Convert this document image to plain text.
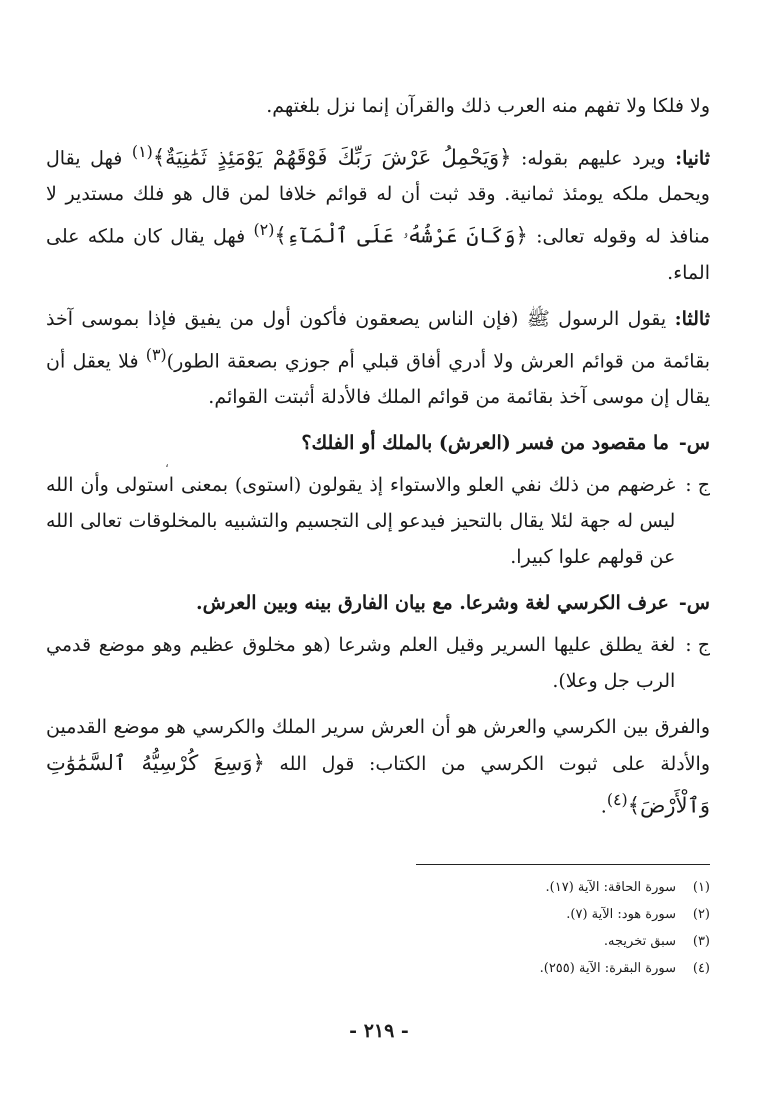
ولا فلكا ولا تفهم منه العرب ذلك والقرآن إنما نزل بلغتهم.

ثانيا: ويرد عليهم بقوله: ﴿وَيَحْمِلُ عَرْشَ رَبِّكَ فَوْقَهُمْ يَوْمَئِذٍ ثَمَٰنِيَةٌ﴾$^{(١)}$ فهل يقال ويحمل ملكه يومئذ ثمانية. وقد ثبت أن له قوائم خلافا لمن قال هو فلك مستدير لا منافذ له وقوله تعالى: ﴿وَكَانَ عَرْشُهُۥ عَلَى ٱلْمَآءِ﴾$^{(٢)}$ فهل يقال كان ملكه على الماء.

ثالثا: يقول الرسول ﷺ (فإن الناس يصعقون فأكون أول من يفيق فإذا بموسى آخذ بقائمة من قوائم العرش ولا أدري أفاق قبلي أم جوزي بصعقة الطور)$^{(٣)}$ فلا يعقل أن يقال إن موسى آخذ بقائمة من قوائم الملك فالأدلة أثبتت القوائم.

س-
ما مقصود من فسر (العرش) بالملك أو الفلك؟
ج :
غرضهم من ذلك نفي العلو والاستواء إذ يقولون (استوى) بمعنى استولى وأن الله ليس له جهة لئلا يقال بالتحيز فيدعو إلى التجسيم والتشبيه بالمخلوقات تعالى الله عن قولهم علوا كبيرا.
س-
عرف الكرسي لغة وشرعا. مع بيان الفارق بينه وبين العرش.
ج :
لغة يطلق عليها السرير وقيل العلم وشرعا (هو مخلوق عظيم وهو موضع قدمي الرب جل وعلا).

والفرق بين الكرسي والعرش هو أن العرش سرير الملك والكرسي هو موضع القدمين والأدلة على ثبوت الكرسي من الكتاب: قول الله ﴿وَسِعَ كُرْسِيُّهُ ٱلسَّمَٰوَٰتِ وَٱلْأَرْضَ﴾$^{(٤)}$.

،
(١)
سورة الحاقة: الآية (١٧).
(٢)
سورة هود: الآية (٧).
(٣)
سبق تخريجه.
(٤)
سورة البقرة: الآية (٢٥٥).
- ٢١٩ -
